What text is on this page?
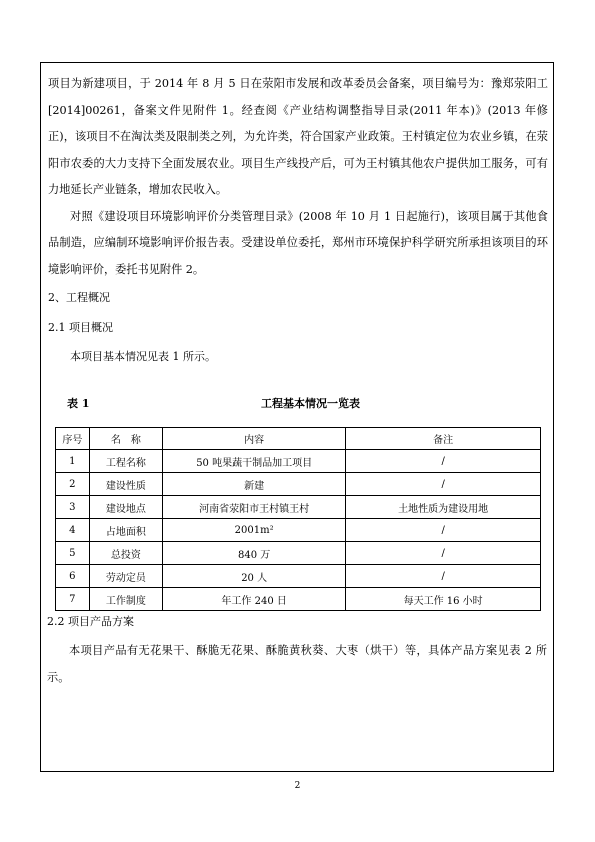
项目为新建项目，于 2014 年 8 月 5 日在荥阳市发展和改革委员会备案，项目编号为：豫郑荥阳工[2014]00261，备案文件见附件 1。经查阅《产业结构调整指导目录(2011 年本)》(2013 年修正)，该项目不在淘汰类及限制类之列，为允许类，符合国家产业政策。王村镇定位为农业乡镇，在荥阳市农委的大力支持下全面发展农业。项目生产线投产后，可为王村镇其他农户提供加工服务，可有力地延长产业链条，增加农民收入。

对照《建设项目环境影响评价分类管理目录》(2008 年 10 月 1 日起施行)，该项目属于其他食品制造，应编制环境影响评价报告表。受建设单位委托，郑州市环境保护科学研究所承担该项目的环境影响评价，委托书见附件 2。

2、工程概况

2.1 项目概况

本项目基本情况见表 1 所示。

表 1	工程基本情况一览表
序号	名　称	内容	备注
1	工程名称	50 吨果蔬干制品加工项目	/
2	建设性质	新建	/
3	建设地点	河南省荥阳市王村镇王村	土地性质为建设用地
4	占地面积	2001m²	/
5	总投资	840 万	/
6	劳动定员	20 人	/
7	工作制度	年工作 240 日	每天工作 16 小时

2.2 项目产品方案

本项目产品有无花果干、酥脆无花果、酥脆黄秋葵、大枣（烘干）等，具体产品方案见表 2 所示。

2
